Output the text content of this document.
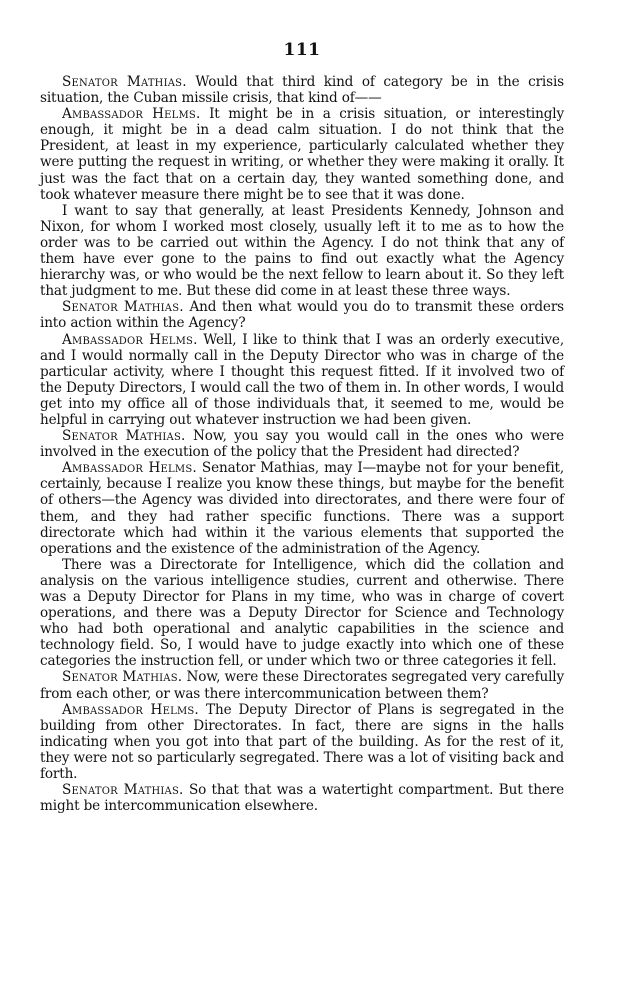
111

Senator Mathias. Would that third kind of category be in the crisis situation, the Cuban missile crisis, that kind of——

Ambassador Helms. It might be in a crisis situation, or interestingly enough, it might be in a dead calm situation. I do not think that the President, at least in my experience, particularly calculated whether they were putting the request in writing, or whether they were making it orally. It just was the fact that on a certain day, they wanted something done, and took whatever measure there might be to see that it was done.

I want to say that generally, at least Presidents Kennedy, Johnson and Nixon, for whom I worked most closely, usually left it to me as to how the order was to be carried out within the Agency. I do not think that any of them have ever gone to the pains to find out exactly what the Agency hierarchy was, or who would be the next fellow to learn about it. So they left that judgment to me. But these did come in at least these three ways.

Senator Mathias. And then what would you do to transmit these orders into action within the Agency?

Ambassador Helms. Well, I like to think that I was an orderly executive, and I would normally call in the Deputy Director who was in charge of the particular activity, where I thought this request fitted. If it involved two of the Deputy Directors, I would call the two of them in. In other words, I would get into my office all of those individuals that, it seemed to me, would be helpful in carrying out whatever instruction we had been given.

Senator Mathias. Now, you say you would call in the ones who were involved in the execution of the policy that the President had directed?

Ambassador Helms. Senator Mathias, may I—maybe not for your benefit, certainly, because I realize you know these things, but maybe for the benefit of others—the Agency was divided into directorates, and there were four of them, and they had rather specific functions. There was a support directorate which had within it the various elements that supported the operations and the existence of the administration of the Agency.

There was a Directorate for Intelligence, which did the collation and analysis on the various intelligence studies, current and otherwise. There was a Deputy Director for Plans in my time, who was in charge of covert operations, and there was a Deputy Director for Science and Technology who had both operational and analytic capabilities in the science and technology field. So, I would have to judge exactly into which one of these categories the instruction fell, or under which two or three categories it fell.

Senator Mathias. Now, were these Directorates segregated very carefully from each other, or was there intercommunication between them?

Ambassador Helms. The Deputy Director of Plans is segregated in the building from other Directorates. In fact, there are signs in the halls indicating when you got into that part of the building. As for the rest of it, they were not so particularly segregated. There was a lot of visiting back and forth.

Senator Mathias. So that that was a watertight compartment. But there might be intercommunication elsewhere.
